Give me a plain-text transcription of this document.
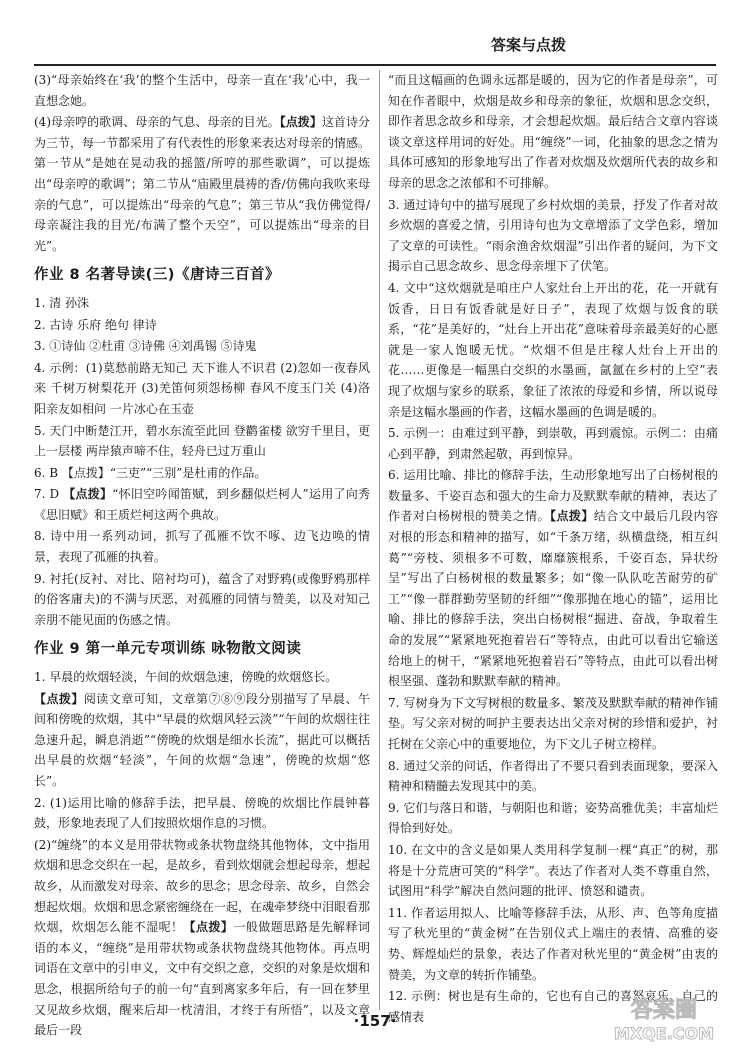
答案与点拨

(3)“母亲始终在‘我’的整个生活中，母亲一直在‘我’心中，我一直想念她。

(4)母亲哼的歌调、母亲的气息、母亲的目光。【点拨】这首诗分为三节，每一节都采用了有代表性的形象来表达对母亲的情感。第一节从“是她在晃动我的摇篮/所哼的那些歌调”，可以提炼出“母亲哼的歌调”；第二节从“庙殿里晨祷的香/仿佛向我吹来母亲的气息”，可以提炼出“母亲的气息”；第三节从“我仿佛觉得/母亲凝注我的目光/布满了整个天空”，可以提炼出“母亲的目光”。

作业 8 名著导读(三)《唐诗三百首》

1. 清 孙洙

2. 古诗 乐府 绝句 律诗

3. ①诗仙 ②杜甫 ③诗佛 ④刘禹锡 ⑤诗鬼

4. 示例：(1)莫愁前路无知己 天下谁人不识君 (2)忽如一夜春风来 千树万树梨花开 (3)羌笛何须怨杨柳 春风不度玉门关 (4)洛阳亲友如相问 一片冰心在玉壶

5. 天门中断楚江开，碧水东流至此回 登鹳雀楼 欲穷千里目，更上一层楼 两岸猿声啼不住，轻舟已过万重山

6. B 【点拨】“三吏”“三别”是杜甫的作品。

7. D 【点拨】“怀旧空吟闻笛赋，到乡翻似烂柯人”运用了向秀《思旧赋》和王质烂柯这两个典故。

8. 诗中用一系列动词，抓写了孤雁不饮不啄、边飞边唤的情景，表现了孤雁的执着。

9. 衬托(反衬、对比、陪衬均可)，蕴含了对野鸦(或像野鸦那样的俗客庸夫)的不满与厌恶，对孤雁的同情与赞美，以及对知己亲朋不能见面的伤感之情。

作业 9 第一单元专项训练 咏物散文阅读

1. 早晨的炊烟轻淡，午间的炊烟急速，傍晚的炊烟悠长。

【点拨】阅读文章可知，文章第⑦⑧⑨段分别描写了早晨、午间和傍晚的炊烟，其中“早晨的炊烟风轻云淡”“午间的炊烟往往急速升起，瞬息消逝”“傍晚的炊烟是细水长流”，据此可以概括出早晨的炊烟“轻淡”，午间的炊烟“急速”，傍晚的炊烟“悠长”。

2. (1)运用比喻的修辞手法，把早晨、傍晚的炊烟比作晨钟暮鼓，形象地表现了人们按照炊烟作息的习惯。

(2)“缠绕”的本义是用带状物或条状物盘绕其他物体，文中指用炊烟和思念交织在一起，是故乡，看到炊烟就会想起母亲，想起故乡，从而激发对母亲、故乡的思念；思念母亲、故乡，自然会想起炊烟。炊烟和思念紧密缠绕在一起，在魂牵梦绕中泪眼看那炊烟，炊烟怎么能不湿呢！【点拨】一般做题思路是先解释词语的本义，“缠绕”是用带状物或条状物盘绕其他物体。再点明词语在文章中的引申义，文中有交织之意，交织的对象是炊烟和思念，根据所给句子的前一句“直到离家多年后，有一回在梦里又见故乡炊烟，醒来后却一枕清泪，才终于有所悟”，以及文章最后一段

“而且这幅画的色调永远都是暖的，因为它的作者是母亲”，可知在作者眼中，炊烟是故乡和母亲的象征，炊烟和思念交织，即作者思念故乡和母亲，才会想起炊烟。最后结合文章内容谈谈文章这样用词的好处。用“缠绕”一词，化抽象的思念之情为具体可感知的形象地写出了作者对炊烟及炊烟所代表的故乡和母亲的思念之浓郁和不可排解。

3. 通过诗句中的描写展现了乡村炊烟的美景，抒发了作者对故乡炊烟的喜爱之情，引用诗句也为文章增添了文学色彩，增加了文章的可读性。“雨余渔舍炊烟湿”引出作者的疑问，为下文揭示自己思念故乡、思念母亲埋下了伏笔。

4. 文中“这炊烟就是咱庄户人家灶台上开出的花，花一开就有饭香，日日有饭香就是好日子”，表现了炊烟与饭食的联系，“花”是美好的，“灶台上开出花”意味着母亲最美好的心愿就是一家人饱暖无忧。“炊烟不但是庄稼人灶台上开出的花……更像是一幅黑白交织的水墨画，氤氲在乡村的上空”表现了炊烟与家乡的联系，象征了浓浓的母爱和乡情，所以说母亲是这幅水墨画的作者，这幅水墨画的色调是暖的。

5. 示例一：由难过到平静，到崇敬，再到震惊。示例二：由痛心到平静，到肃然起敬，再到惊异。

6. 运用比喻、排比的修辞手法，生动形象地写出了白杨树根的数量多、千姿百态和强大的生命力及默默奉献的精神，表达了作者对白杨树根的赞美之情。【点拨】结合文中最后几段内容对根的形态和精神的描写，如“千条万绪，纵横盘绕，相互纠葛”“旁枝、须根多不可数，靡靡簇根系，千姿百态，异状纷呈”写出了白杨树根的数量繁多；如“像一队队吃苦耐劳的矿工”“像一群群勤劳坚韧的纤细”“像那抛在地心的锚”，运用比喻、排比的修辞手法，突出白杨树根“掘进、奋战，争取着生命的发展”“紧紧地死抱着岩石”等特点，由此可以看出它输送给地上的树干，“紧紧地死抱着岩石”等特点，由此可以看出树根坚强、蓬勃和默默奉献的精神。

7. 写树身为下文写树根的数量多、繁茂及默默奉献的精神作铺垫。写父亲对树的呵护主要表达出父亲对树的珍惜和爱护，衬托树在父亲心中的重要地位，为下文儿子树立榜样。

8. 通过父亲的问话，作者得出了不要只看到表面现象，要深入精神和精髓去发现其中的美。

9. 它们与落日和谐，与朝阳也和谐；姿势高雅优美；丰富灿烂得恰到好处。

10. 在文中的含义是如果人类用科学复制一棵“真正”的树，那将是十分荒唐可笑的“科学”。表达了作者对人类不尊重自然，试图用“科学”解决自然问题的批评、愤怒和谴责。

11. 作者运用拟人、比喻等修辞手法，从形、声、色等角度描写了秋光里的“黄金树”在告别仪式上端庄的表情、高雅的姿势、辉煌灿烂的景象，表达了作者对秋光里的“黄金树”由衷的赞美，为文章的转折作铺垫。

12. 示例：树也是有生命的，它也有自己的喜怒哀乐、自己的感情表

·157·	答案圈
MXQE.COM
